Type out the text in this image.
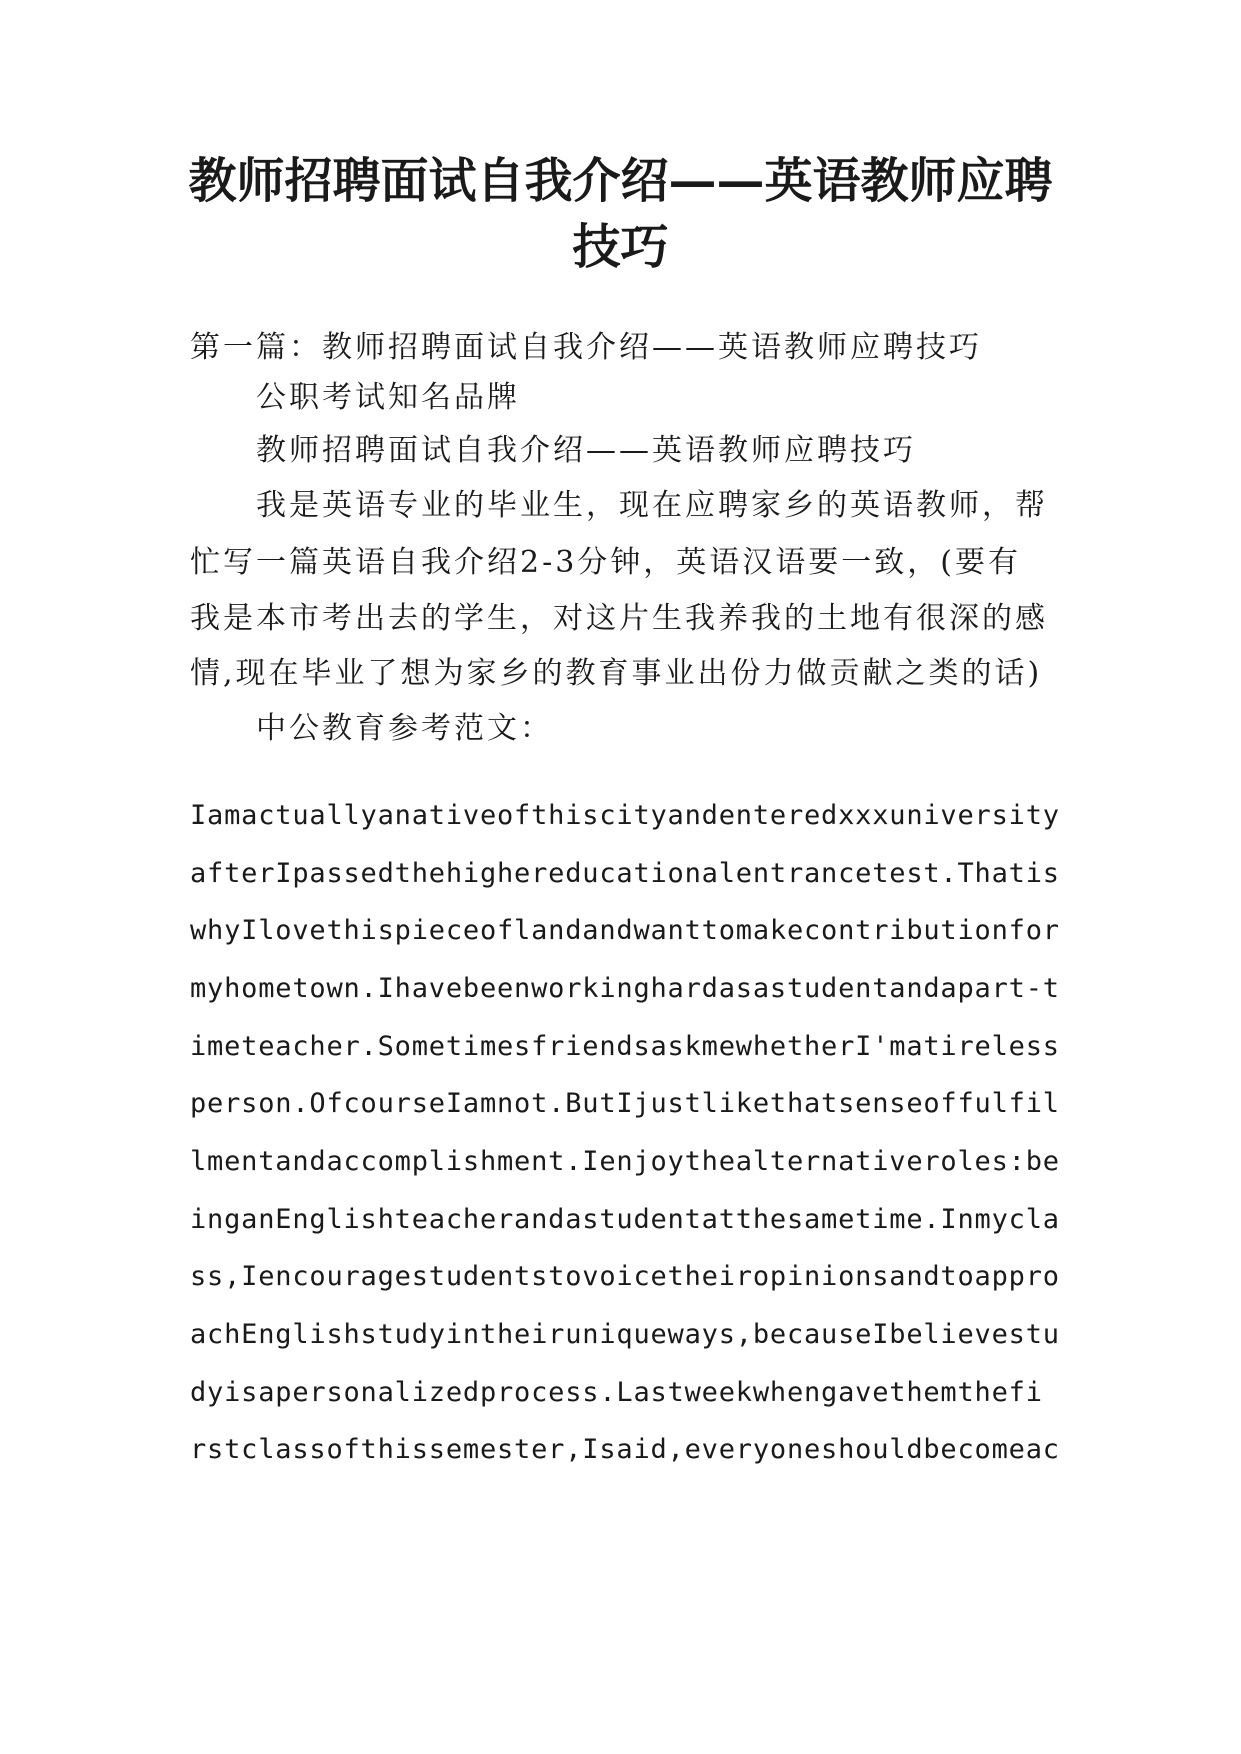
教师招聘面试自我介绍——英语教师应聘
技巧
第一篇：教师招聘面试自我介绍——英语教师应聘技巧
公职考试知名品牌
教师招聘面试自我介绍——英语教师应聘技巧
我是英语专业的毕业生，现在应聘家乡的英语教师，帮
忙写一篇英语自我介绍2-3分钟，英语汉语要一致，(要有
我是本市考出去的学生，对这片生我养我的土地有很深的感
情,现在毕业了想为家乡的教育事业出份力做贡献之类的话)
中公教育参考范文：
Iamactuallyanativeofthiscityandenteredxxxuniversity
afterIpassedthehighereducationalentrancetest.Thatis
whyIlovethispieceoflandandwanttomakecontributionfor
myhometown.Ihavebeenworkinghardasastudentandapart-t
imeteacher.SometimesfriendsaskmewhetherI'matireless
person.OfcourseIamnot.ButIjustlikethatsenseoffulfil
lmentandaccomplishment.Ienjoythealternativeroles:be
inganEnglishteacherandastudentatthesametime.Inmycla
ss,Iencouragestudentstovoicetheiropinionsandtoappro
achEnglishstudyintheiruniqueways,becauseIbelievestu
dyisapersonalizedprocess.Lastweekwhengavethemthefi
rstclassofthissemester,Isaid,everyoneshouldbecomeac
